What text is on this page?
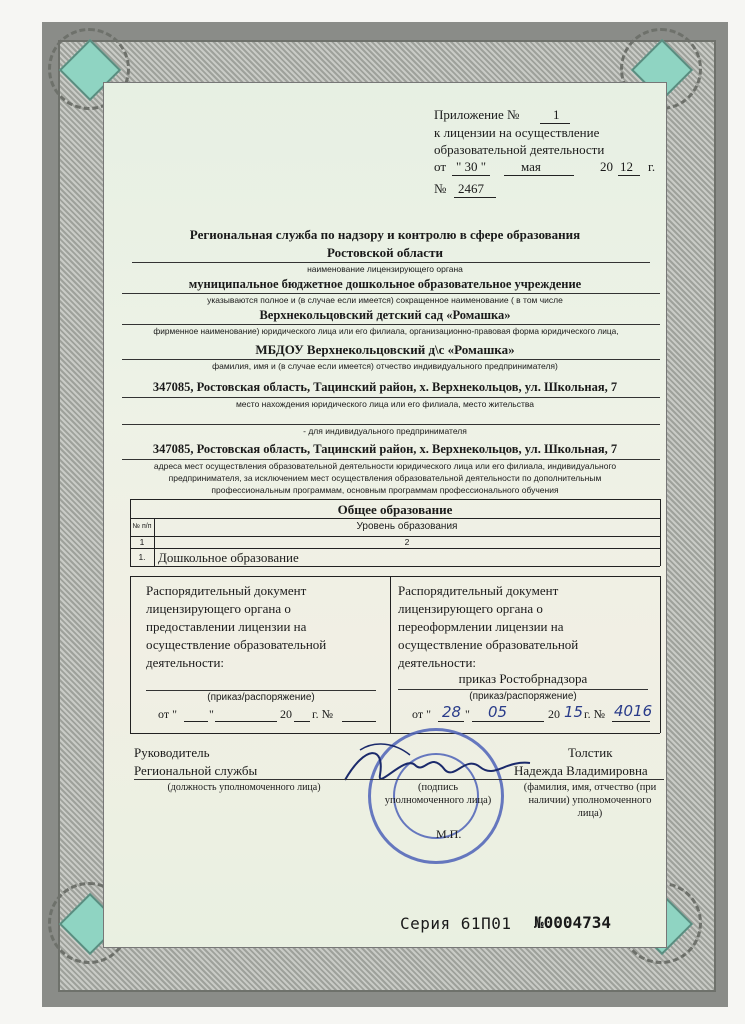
Приложение №	1
к лицензии на осуществление
образовательной деятельности
от " 30 "	мая	20 12 г.
№ 2467
Региональная служба по надзору и контролю в сфере образования
Ростовской области
наименование лицензирующего органа
муниципальное бюджетное дошкольное образовательное учреждение
указываются полное и (в случае если имеется) сокращенное наименование ( в том числе
Верхнекольцовский детский сад «Ромашка»
фирменное наименование) юридического лица или его филиала, организационно-правовая форма юридического лица,
МБДОУ Верхнекольцовский д\с «Ромашка»
фамилия, имя и (в случае если имеется) отчество индивидуального предпринимателя)
347085, Ростовская область, Тацинский район, х. Верхнекольцов, ул. Школьная, 7
место нахождения юридического лица или его филиала, место жительства
- для индивидуального предпринимателя
347085, Ростовская область, Тацинский район, х. Верхнекольцов, ул. Школьная, 7
адреса мест осуществления образовательной деятельности юридического лица или его филиала, индивидуального
предпринимателя, за исключением мест осуществления образовательной деятельности по дополнительным
профессиональным программам, основным программам профессионального обучения
Общее образование
№ п/п	Уровень образования
1	2
1. Дошкольное образование
Распорядительный документ
лицензирующего органа о
предоставлении лицензии на
осуществление образовательной
деятельности:
(приказ/распоряжение)
от "	"	20 г. №
Распорядительный документ
лицензирующего органа о
переоформлении лицензии на
осуществление образовательной
деятельности:
приказ Ростобрнадзора
(приказ/распоряжение)
от " 28 " 05	20 15 г. № 4016
Руководитель
Региональной службы
(должность уполномоченного лица)	(подпись
уполномоченного лица)
Толстик
Надежда Владимировна
(фамилия, имя, отчество (при
наличии) уполномоченного
лица)
М.П.
Серия 61П01 №0004734
